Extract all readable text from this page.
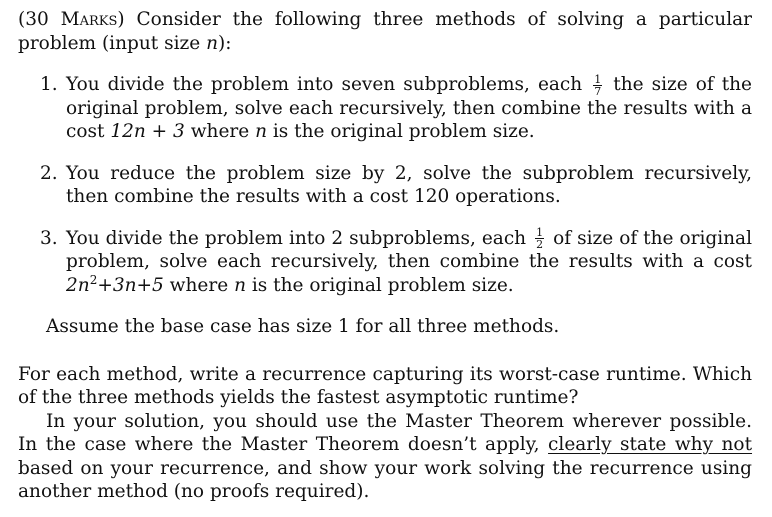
(30 Marks) Consider the following three methods of solving a particular problem (input size n):

1. You divide the problem into seven subproblems, each $\frac{1}{7}$ the size of the original problem, solve each recursively, then combine the results with a cost 12n + 3 where n is the original problem size.
2. You reduce the problem size by 2, solve the subproblem recursively, then combine the results with a cost 120 operations.
3. You divide the problem into 2 subproblems, each $\frac{1}{2}$ of size of the original problem, solve each recursively, then combine the results with a cost $2n^2+3n+5$ where n is the original problem size.

Assume the base case has size 1 for all three methods.

For each method, write a recurrence capturing its worst-case runtime. Which of the three methods yields the fastest asymptotic runtime?

In your solution, you should use the Master Theorem wherever possible. In the case where the Master Theorem doesn’t apply, clearly state why not based on your recurrence, and show your work solving the recurrence using another method (no proofs required).
